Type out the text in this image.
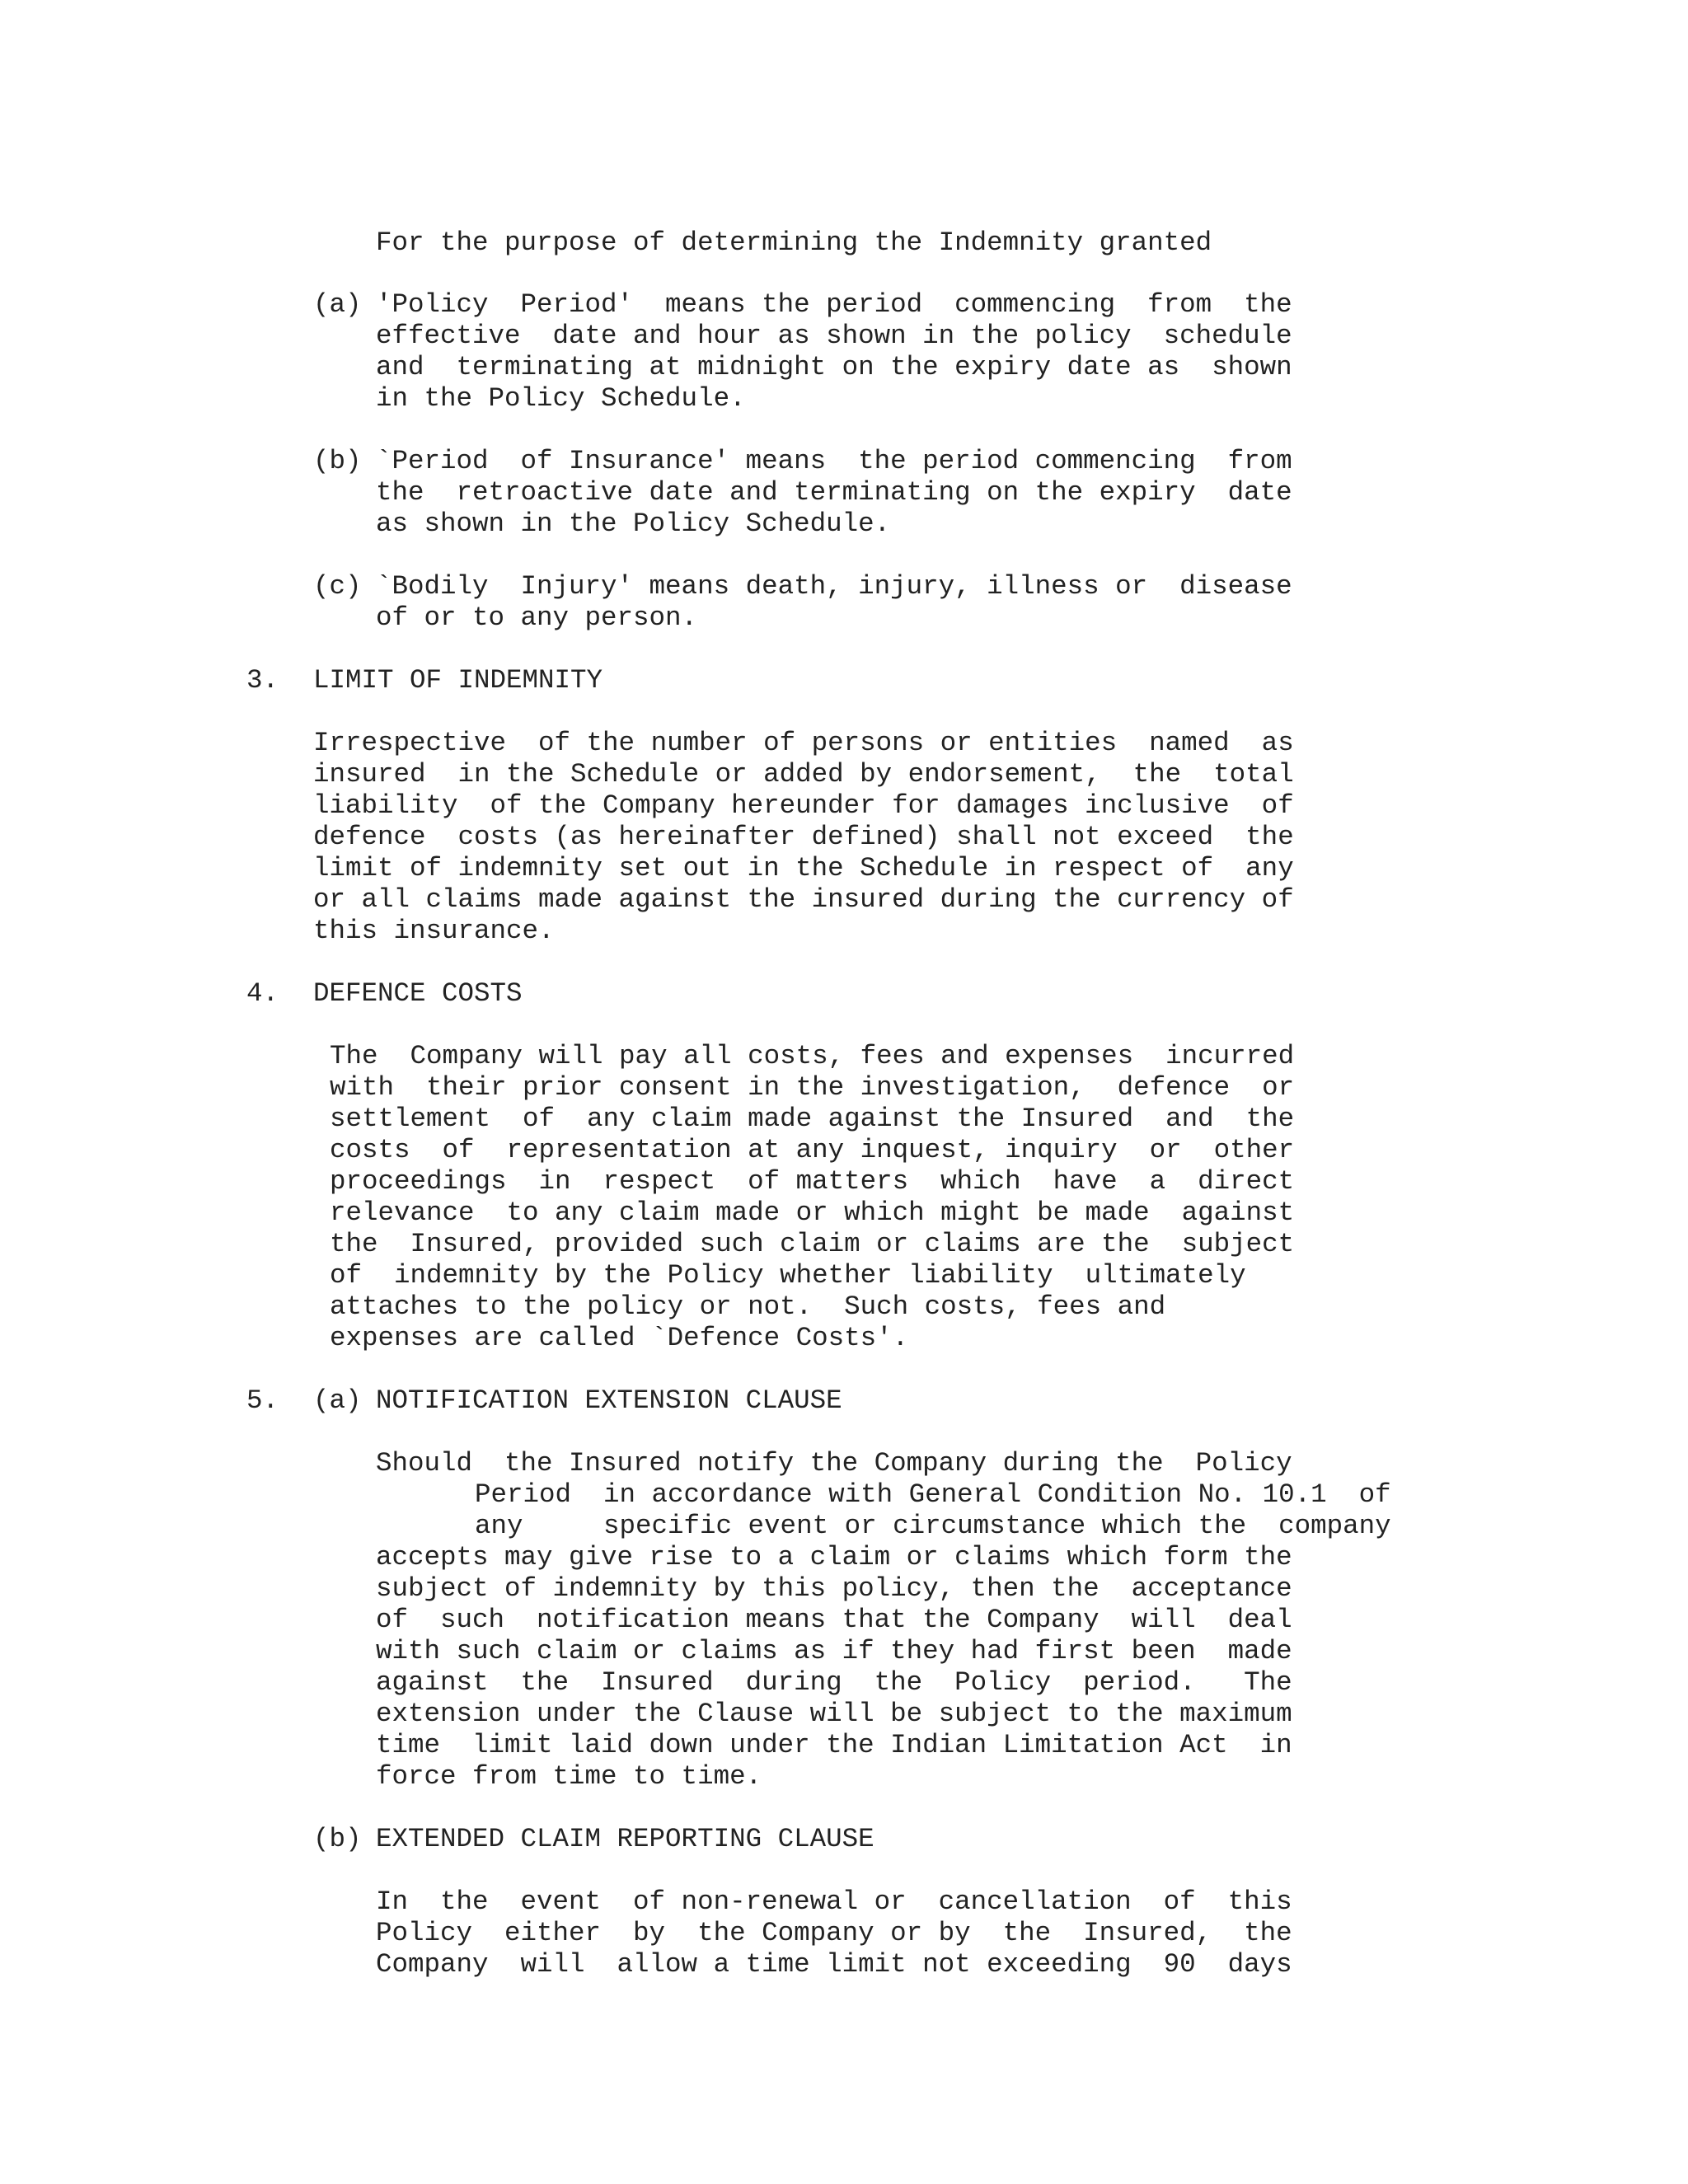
For the purpose of determining the Indemnity granted
(a) 'Policy  Period'  means the period  commencing  from  the
effective  date and hour as shown in the policy  schedule
and  terminating at midnight on the expiry date as  shown
in the Policy Schedule.
(b) `Period  of Insurance' means  the period commencing  from
the  retroactive date and terminating on the expiry  date
as shown in the Policy Schedule.
(c) `Bodily  Injury' means death, injury, illness or  disease
of or to any person.
3. LIMIT OF INDEMNITY
Irrespective  of the number of persons or entities  named  as
insured  in the Schedule or added by endorsement,  the  total
liability  of the Company hereunder for damages inclusive  of
defence  costs (as hereinafter defined) shall not exceed  the
limit of indemnity set out in the Schedule in respect of  any
or all claims made against the insured during the currency of
this insurance.
4. DEFENCE COSTS
The  Company will pay all costs, fees and expenses  incurred
with  their prior consent in the investigation,  defence  or
settlement  of  any claim made against the Insured  and  the
costs  of  representation at any inquest, inquiry  or  other
proceedings  in  respect  of matters  which  have  a  direct
relevance  to any claim made or which might be made  against
the  Insured, provided such claim or claims are the  subject
of  indemnity by the Policy whether liability  ultimately
attaches to the policy or not.  Such costs, fees and
expenses are called `Defence Costs'.
5. (a) NOTIFICATION EXTENSION CLAUSE
Should  the Insured notify the Company during the  Policy
Period  in accordance with General Condition No. 10.1  of
any     specific event or circumstance which the  company
accepts may give rise to a claim or claims which form the
subject of indemnity by this policy, then the  acceptance
of  such  notification means that the Company  will  deal
with such claim or claims as if they had first been  made
against  the  Insured  during  the  Policy  period.   The
extension under the Clause will be subject to the maximum
time  limit laid down under the Indian Limitation Act  in
force from time to time.
(b) EXTENDED CLAIM REPORTING CLAUSE
In  the  event  of non-renewal or  cancellation  of  this
Policy  either  by  the Company or by  the  Insured,  the
Company  will  allow a time limit not exceeding  90  days
